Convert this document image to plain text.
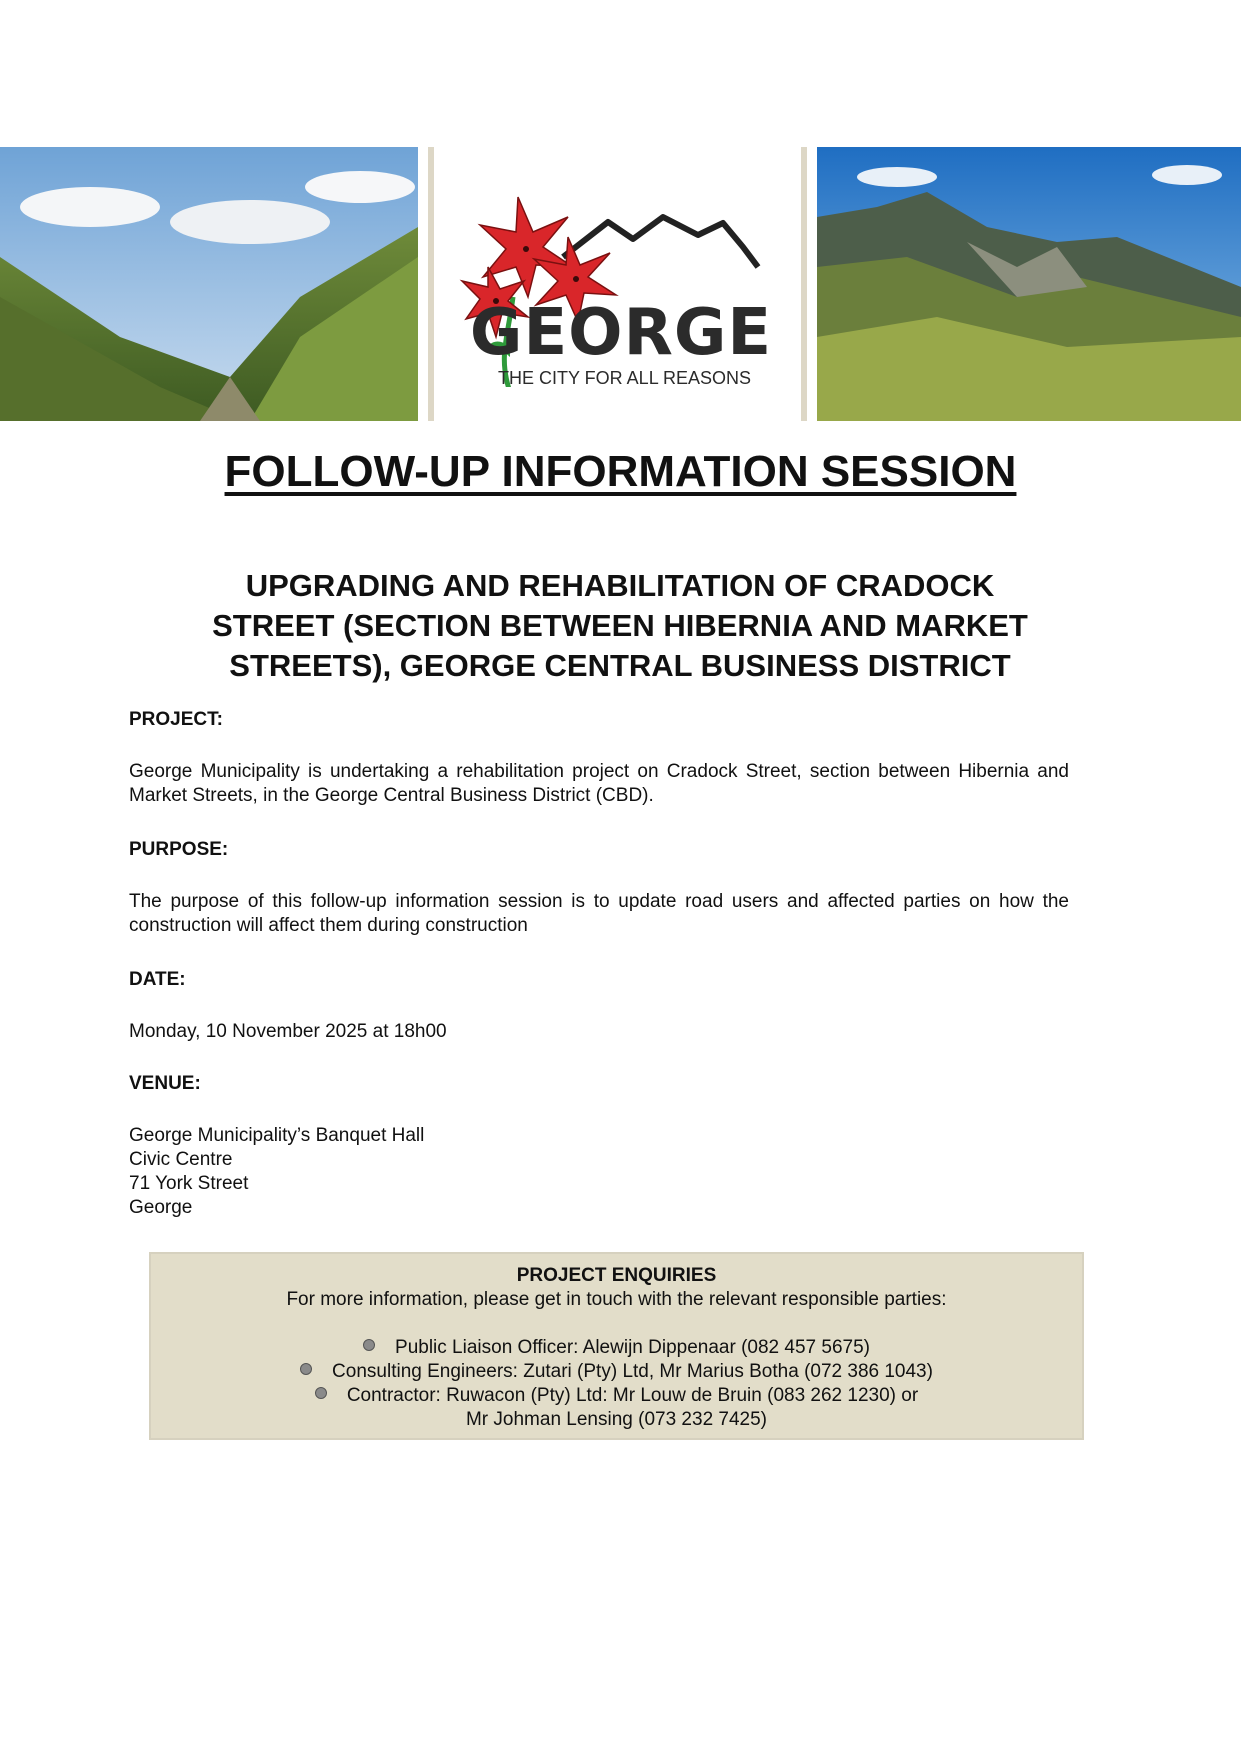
GEORGE
THE CITY FOR ALL REASONS
FOLLOW-UP INFORMATION SESSION
UPGRADING AND REHABILITATION OF CRADOCK
STREET (SECTION BETWEEN HIBERNIA AND MARKET
STREETS), GEORGE CENTRAL BUSINESS DISTRICT
PROJECT:
George Municipality is undertaking a rehabilitation project on Cradock Street, section between Hibernia and Market Streets, in the George Central Business District (CBD).
PURPOSE:
The purpose of this follow-up information session is to update road users and affected parties on how the construction will affect them during construction
DATE:
Monday, 10 November 2025 at 18h00
VENUE:
George Municipality’s Banquet Hall
Civic Centre
71 York Street
George
PROJECT ENQUIRIES
For more information, please get in touch with the relevant responsible parties:
Public Liaison Officer: Alewijn Dippenaar (082 457 5675)
Consulting Engineers: Zutari (Pty) Ltd, Mr Marius Botha (072 386 1043)
Contractor: Ruwacon (Pty) Ltd: Mr Louw de Bruin (083 262 1230) or
Mr Johman Lensing (073 232 7425)
